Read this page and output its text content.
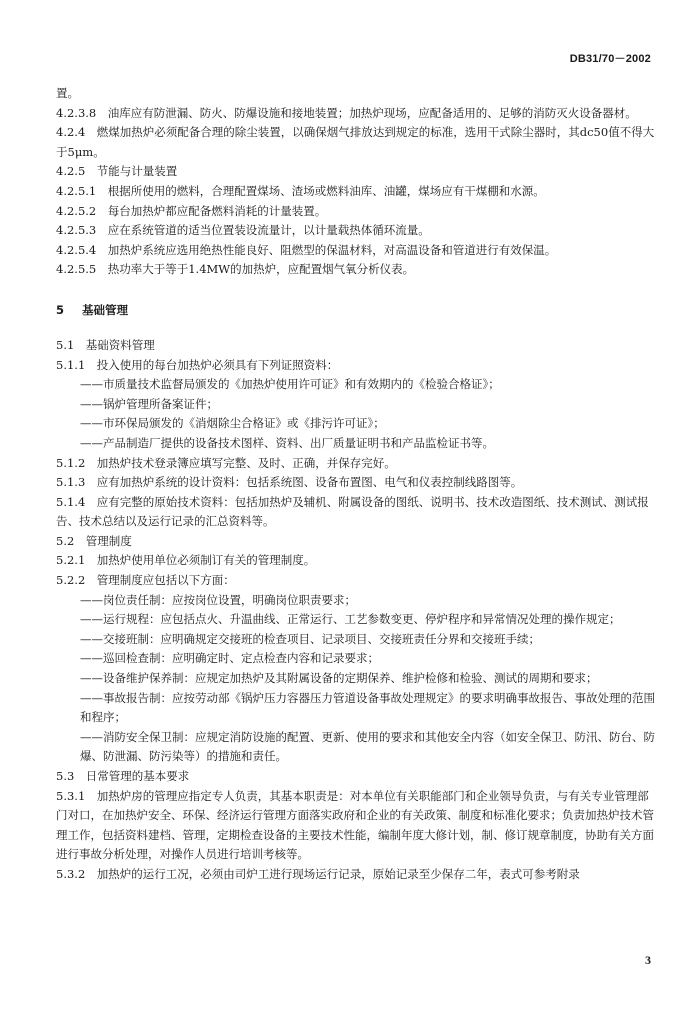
DB31/70－2002

置。

4.2.3.8　油库应有防泄漏、防火、防爆设施和接地装置；加热炉现场，应配备适用的、足够的消防灭火设备器材。

4.2.4　燃煤加热炉必须配备合理的除尘装置，以确保烟气排放达到规定的标准，选用干式除尘器时，其dc50值不得大于5μm。

4.2.5　节能与计量装置

4.2.5.1　根据所使用的燃料，合理配置煤场、渣场或燃料油库、油罐，煤场应有干煤棚和水源。

4.2.5.2　每台加热炉都应配备燃料消耗的计量装置。

4.2.5.3　应在系统管道的适当位置装设流量计，以计量载热体循环流量。

4.2.5.4　加热炉系统应选用绝热性能良好、阻燃型的保温材料，对高温设备和管道进行有效保温。

4.2.5.5　热功率大于等于1.4MW的加热炉，应配置烟气氧分析仪表。

5 基础管理

5.1　基础资料管理

5.1.1　投入使用的每台加热炉必须具有下列证照资料：

——市质量技术监督局颁发的《加热炉使用许可证》和有效期内的《检验合格证》；

——锅炉管理所备案证件；

——市环保局颁发的《消烟除尘合格证》或《排污许可证》；

——产品制造厂提供的设备技术图样、资料、出厂质量证明书和产品监检证书等。

5.1.2　加热炉技术登录簿应填写完整、及时、正确，并保存完好。

5.1.3　应有加热炉系统的设计资料：包括系统图、设备布置图、电气和仪表控制线路图等。

5.1.4　应有完整的原始技术资料：包括加热炉及辅机、附属设备的图纸、说明书、技术改造图纸、技术测试、测试报告、技术总结以及运行记录的汇总资料等。

5.2　管理制度

5.2.1　加热炉使用单位必须制订有关的管理制度。

5.2.2　管理制度应包括以下方面：

——岗位责任制：应按岗位设置，明确岗位职责要求；

——运行规程：应包括点火、升温曲线、正常运行、工艺参数变更、停炉程序和异常情况处理的操作规定；

——交接班制：应明确规定交接班的检查项目、记录项目、交接班责任分界和交接班手续；

——巡回检查制：应明确定时、定点检查内容和记录要求；

——设备维护保养制：应规定加热炉及其附属设备的定期保养、维护检修和检验、测试的周期和要求；

——事故报告制：应按劳动部《锅炉压力容器压力管道设备事故处理规定》的要求明确事故报告、事故处理的范围和程序；

——消防安全保卫制：应规定消防设施的配置、更新、使用的要求和其他安全内容（如安全保卫、防汛、防台、防爆、防泄漏、防污染等）的措施和责任。

5.3　日常管理的基本要求

5.3.1　加热炉房的管理应指定专人负责，其基本职责是：对本单位有关职能部门和企业领导负责，与有关专业管理部门对口，在加热炉安全、环保、经济运行管理方面落实政府和企业的有关政策、制度和标准化要求；负责加热炉技术管理工作，包括资料建档、管理，定期检查设备的主要技术性能，编制年度大修计划，制、修订规章制度，协助有关方面进行事故分析处理，对操作人员进行培训考核等。

5.3.2　加热炉的运行工况，必须由司炉工进行现场运行记录，原始记录至少保存二年，表式可参考附录

3
